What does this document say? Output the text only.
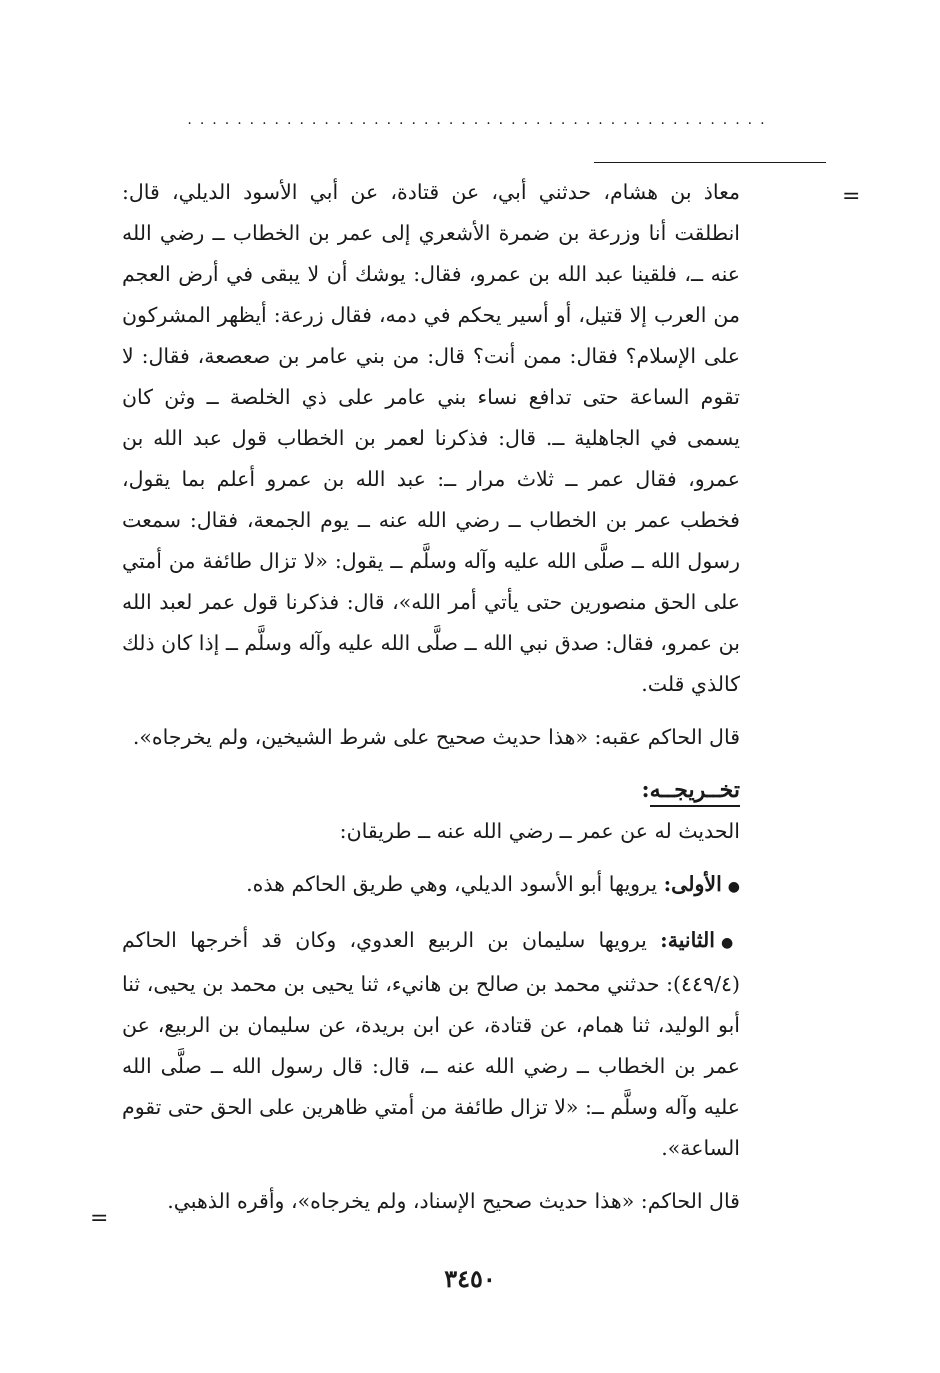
...............................................
=
=

معاذ بن هشام، حدثني أبي، عن قتادة، عن أبي الأسود الديلي، قال: انطلقت أنا وزرعة بن ضمرة الأشعري إلى عمر بن الخطاب ــ رضي الله عنه ــ، فلقينا عبد الله بن عمرو، فقال: يوشك أن لا يبقى في أرض العجم من العرب إلا قتيل، أو أسير يحكم في دمه، فقال زرعة: أيظهر المشركون على الإسلام؟ فقال: ممن أنت؟ قال: من بني عامر بن صعصعة، فقال: لا تقوم الساعة حتى تدافع نساء بني عامر على ذي الخلصة ــ وثن كان يسمى في الجاهلية ــ. قال: فذكرنا لعمر بن الخطاب قول عبد الله بن عمرو، فقال عمر ــ ثلاث مرار ــ: عبد الله بن عمرو أعلم بما يقول، فخطب عمر بن الخطاب ــ رضي الله عنه ــ يوم الجمعة، فقال: سمعت رسول الله ــ صلَّى الله عليه وآله وسلَّم ــ يقول: «لا تزال طائفة من أمتي على الحق منصورين حتى يأتي أمر الله»، قال: فذكرنا قول عمر لعبد الله بن عمرو، فقال: صدق نبي الله ــ صلَّى الله عليه وآله وسلَّم ــ إذا كان ذلك كالذي قلت.

قال الحاكم عقبه: «هذا حديث صحيح على شرط الشيخين، ولم يخرجاه».

تخــريجــه:

الحديث له عن عمر ــ رضي الله عنه ــ طريقان:

●الأولى: يرويها أبو الأسود الديلي، وهي طريق الحاكم هذه.

●الثانية: يرويها سليمان بن الربيع العدوي، وكان قد أخرجها الحاكم (٤٤٩/٤): حدثني محمد بن صالح بن هانيء، ثنا يحيى بن محمد بن يحيى، ثنا أبو الوليد، ثنا همام، عن قتادة، عن ابن بريدة، عن سليمان بن الربيع، عن عمر بن الخطاب ــ رضي الله عنه ــ، قال: قال رسول الله ــ صلَّى الله عليه وآله وسلَّم ــ: «لا تزال طائفة من أمتي ظاهرين على الحق حتى تقوم الساعة».

قال الحاكم: «هذا حديث صحيح الإسناد، ولم يخرجاه»، وأقره الذهبي.

٣٤٥٠
